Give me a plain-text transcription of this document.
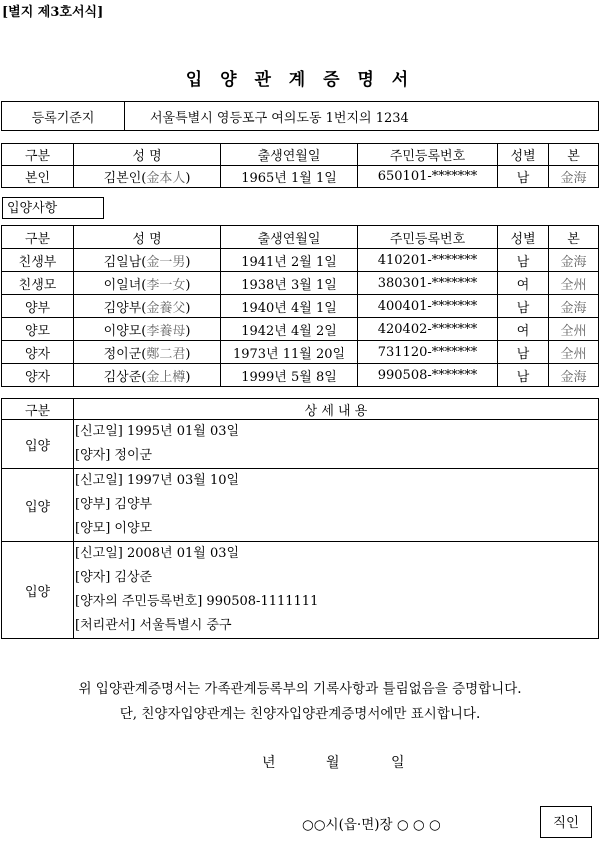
[별지 제3호서식]
입 양 관 계 증 명 서
등록기준지	서울특별시 영등포구 여의도동 1번지의 1234
구분	성 명	출생연월일	주민등록번호	성별	본
본인	김본인(金本人)	1965년 1월 1일	650101-*******	남	金海
입양사항
구분	성 명	출생연월일	주민등록번호	성별	본
친생부	김일남(金一男)	1941년 2월 1일	410201-*******	남	金海
친생모	이일녀(李一女)	1938년 3월 1일	380301-*******	여	全州
양부	김양부(金養父)	1940년 4월 1일	400401-*******	남	金海
양모	이양모(李養母)	1942년 4월 2일	420402-*******	여	全州
양자	정이군(鄭二君)	1973년 11월 20일	731120-*******	남	全州
양자	김상준(金上樽)	1999년 5월 8일	990508-*******	남	金海
구분	상 세 내 용
입양	[신고일] 1995년 01월 03일
[양자] 정이군

입양	[신고일] 1997년 03월 10일
[양부] 김양부
[양모] 이양모

입양	[신고일] 2008년 01월 03일
[양자] 김상준
[양자의 주민등록번호] 990508-1111111
[처리관서] 서울특별시 중구
위 입양관계증명서는 가족관계등록부의 기록사항과 틀림없음을 증명합니다.
단, 친양자입양관계는 친양자입양관계증명서에만 표시합니다.
년	월	일
○○시(읍·면)장 ○ ○ ○	직인
